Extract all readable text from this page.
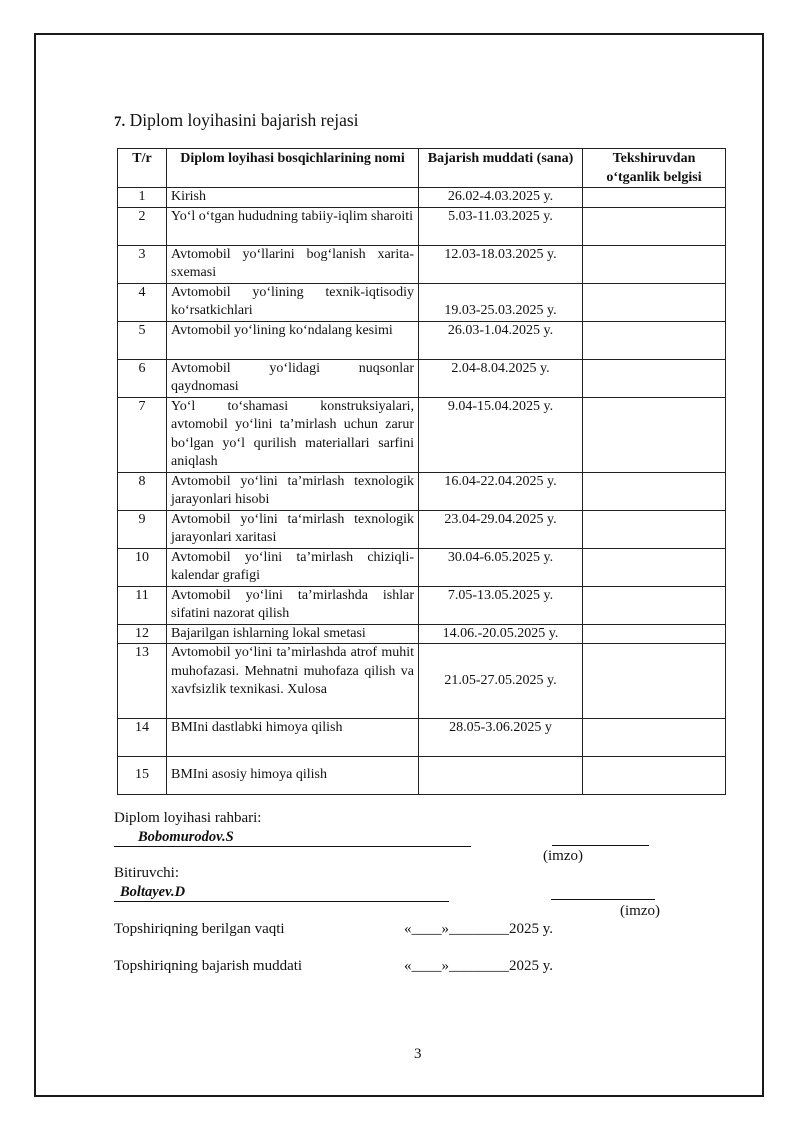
7. Diplom loyihasini bajarish rejasi
T/r	Diplom loyihasi bosqichlarining nomi	Bajarish muddati (sana)	Tekshiruvdan o‘tganlik belgisi
1	Kirish	26.02-4.03.2025 y.	
2	Yo‘l o‘tgan hududning tabiiy-iqlim sharoiti	5.03-11.03.2025 y.	
3	Avtomobil yo‘llarini bog‘lanish xarita-sxemasi	12.03-18.03.2025 y.	
4	Avtomobil yo‘lining texnik-iqtisodiy ko‘rsatkichlari	19.03-25.03.2025 y.	
5	Avtomobil yo‘lining ko‘ndalang kesimi	26.03-1.04.2025 y.	
6	Avtomobil yo‘lidagi nuqsonlar qaydnomasi	2.04-8.04.2025 y.	
7	Yo‘l to‘shamasi konstruksiyalari, avtomobil yo‘lini ta’mirlash uchun zarur bo‘lgan yo‘l qurilish materiallari sarfini aniqlash	9.04-15.04.2025 y.	
8	Avtomobil yo‘lini ta’mirlash texnologik jarayonlari hisobi	16.04-22.04.2025 y.	
9	Avtomobil yo‘lini ta‘mirlash texnologik jarayonlari xaritasi	23.04-29.04.2025 y.	
10	Avtomobil yo‘lini ta’mirlash chiziqli-kalendar grafigi	30.04-6.05.2025 y.	
11	Avtomobil yo‘lini ta’mirlashda ishlar sifatini nazorat qilish	7.05-13.05.2025 y.	
12	Bajarilgan ishlarning lokal smetasi	14.06.-20.05.2025 y.	
13	Avtomobil yo‘lini ta’mirlashda atrof muhit muhofazasi. Mehnatni muhofaza qilish va xavfsizlik texnikasi. Xulosa	21.05-27.05.2025 y.	
14	BMIni dastlabki himoya qilish	28.05-3.06.2025 y	
15	BMIni asosiy himoya qilish		
Diplom loyihasi rahbari:
Bobomurodov.S
(imzo)
Bitiruvchi:
Boltayev.D
(imzo)
Topshiriqning berilgan vaqti	«____»________2025 y.
Topshiriqning bajarish muddati	«____»________2025 y.
3
